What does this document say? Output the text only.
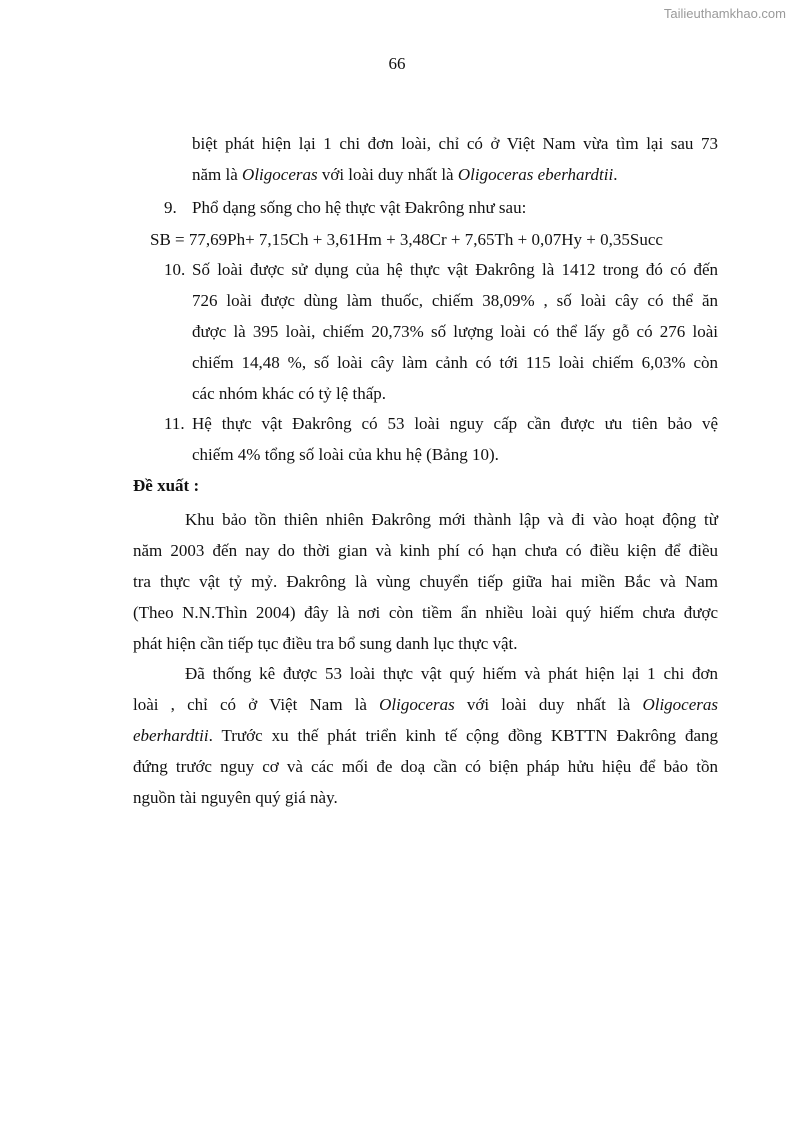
Tailieuthamkhao.com
66
biệt phát hiện lại 1 chi đơn loài, chỉ có ở Việt Nam vừa tìm lại sau 73
năm là Oligoceras với loài duy nhất là Oligoceras eberhardtii.
9. Phổ dạng sống cho hệ thực vật Đakrông như sau:
SB = 77,69Ph+ 7,15Ch + 3,61Hm + 3,48Cr + 7,65Th + 0,07Hy + 0,35Succ
10. Số loài được sử dụng của hệ thực vật Đakrông là 1412 trong đó có đến
726 loài được dùng làm thuốc, chiếm 38,09% , số loài cây có thể ăn
được là 395 loài, chiếm 20,73% số lượng loài có thể lấy gỗ có 276 loài
chiếm 14,48 %, số loài cây làm cảnh có tới 115 loài chiếm 6,03% còn
các nhóm khác có tỷ lệ thấp.
11. Hệ thực vật Đakrông có 53 loài nguy cấp cần được ưu tiên bảo vệ
chiếm 4% tổng số loài của khu hệ (Bảng 10).
Đề xuất :
Khu bảo tồn thiên nhiên Đakrông mới thành lập và đi vào hoạt động từ
năm 2003 đến nay do thời gian và kinh phí có hạn chưa có điều kiện để điều
tra thực vật tỷ mỷ. Đakrông là vùng chuyển tiếp giữa hai miền Bắc và Nam
(Theo N.N.Thìn 2004) đây là nơi còn tiềm ẩn nhiều loài quý hiếm chưa được
phát hiện cần tiếp tục điều tra bổ sung danh lục thực vật.
Đã thống kê được 53 loài thực vật quý hiếm và phát hiện lại 1 chi đơn
loài , chỉ có ở Việt Nam là Oligoceras với loài duy nhất là Oligoceras
eberhardtii. Trước xu thế phát triển kinh tế cộng đồng KBTTN Đakrông đang
đứng trước nguy cơ và các mối đe doạ cần có biện pháp hửu hiệu để bảo tồn
nguồn tài nguyên quý giá này.
